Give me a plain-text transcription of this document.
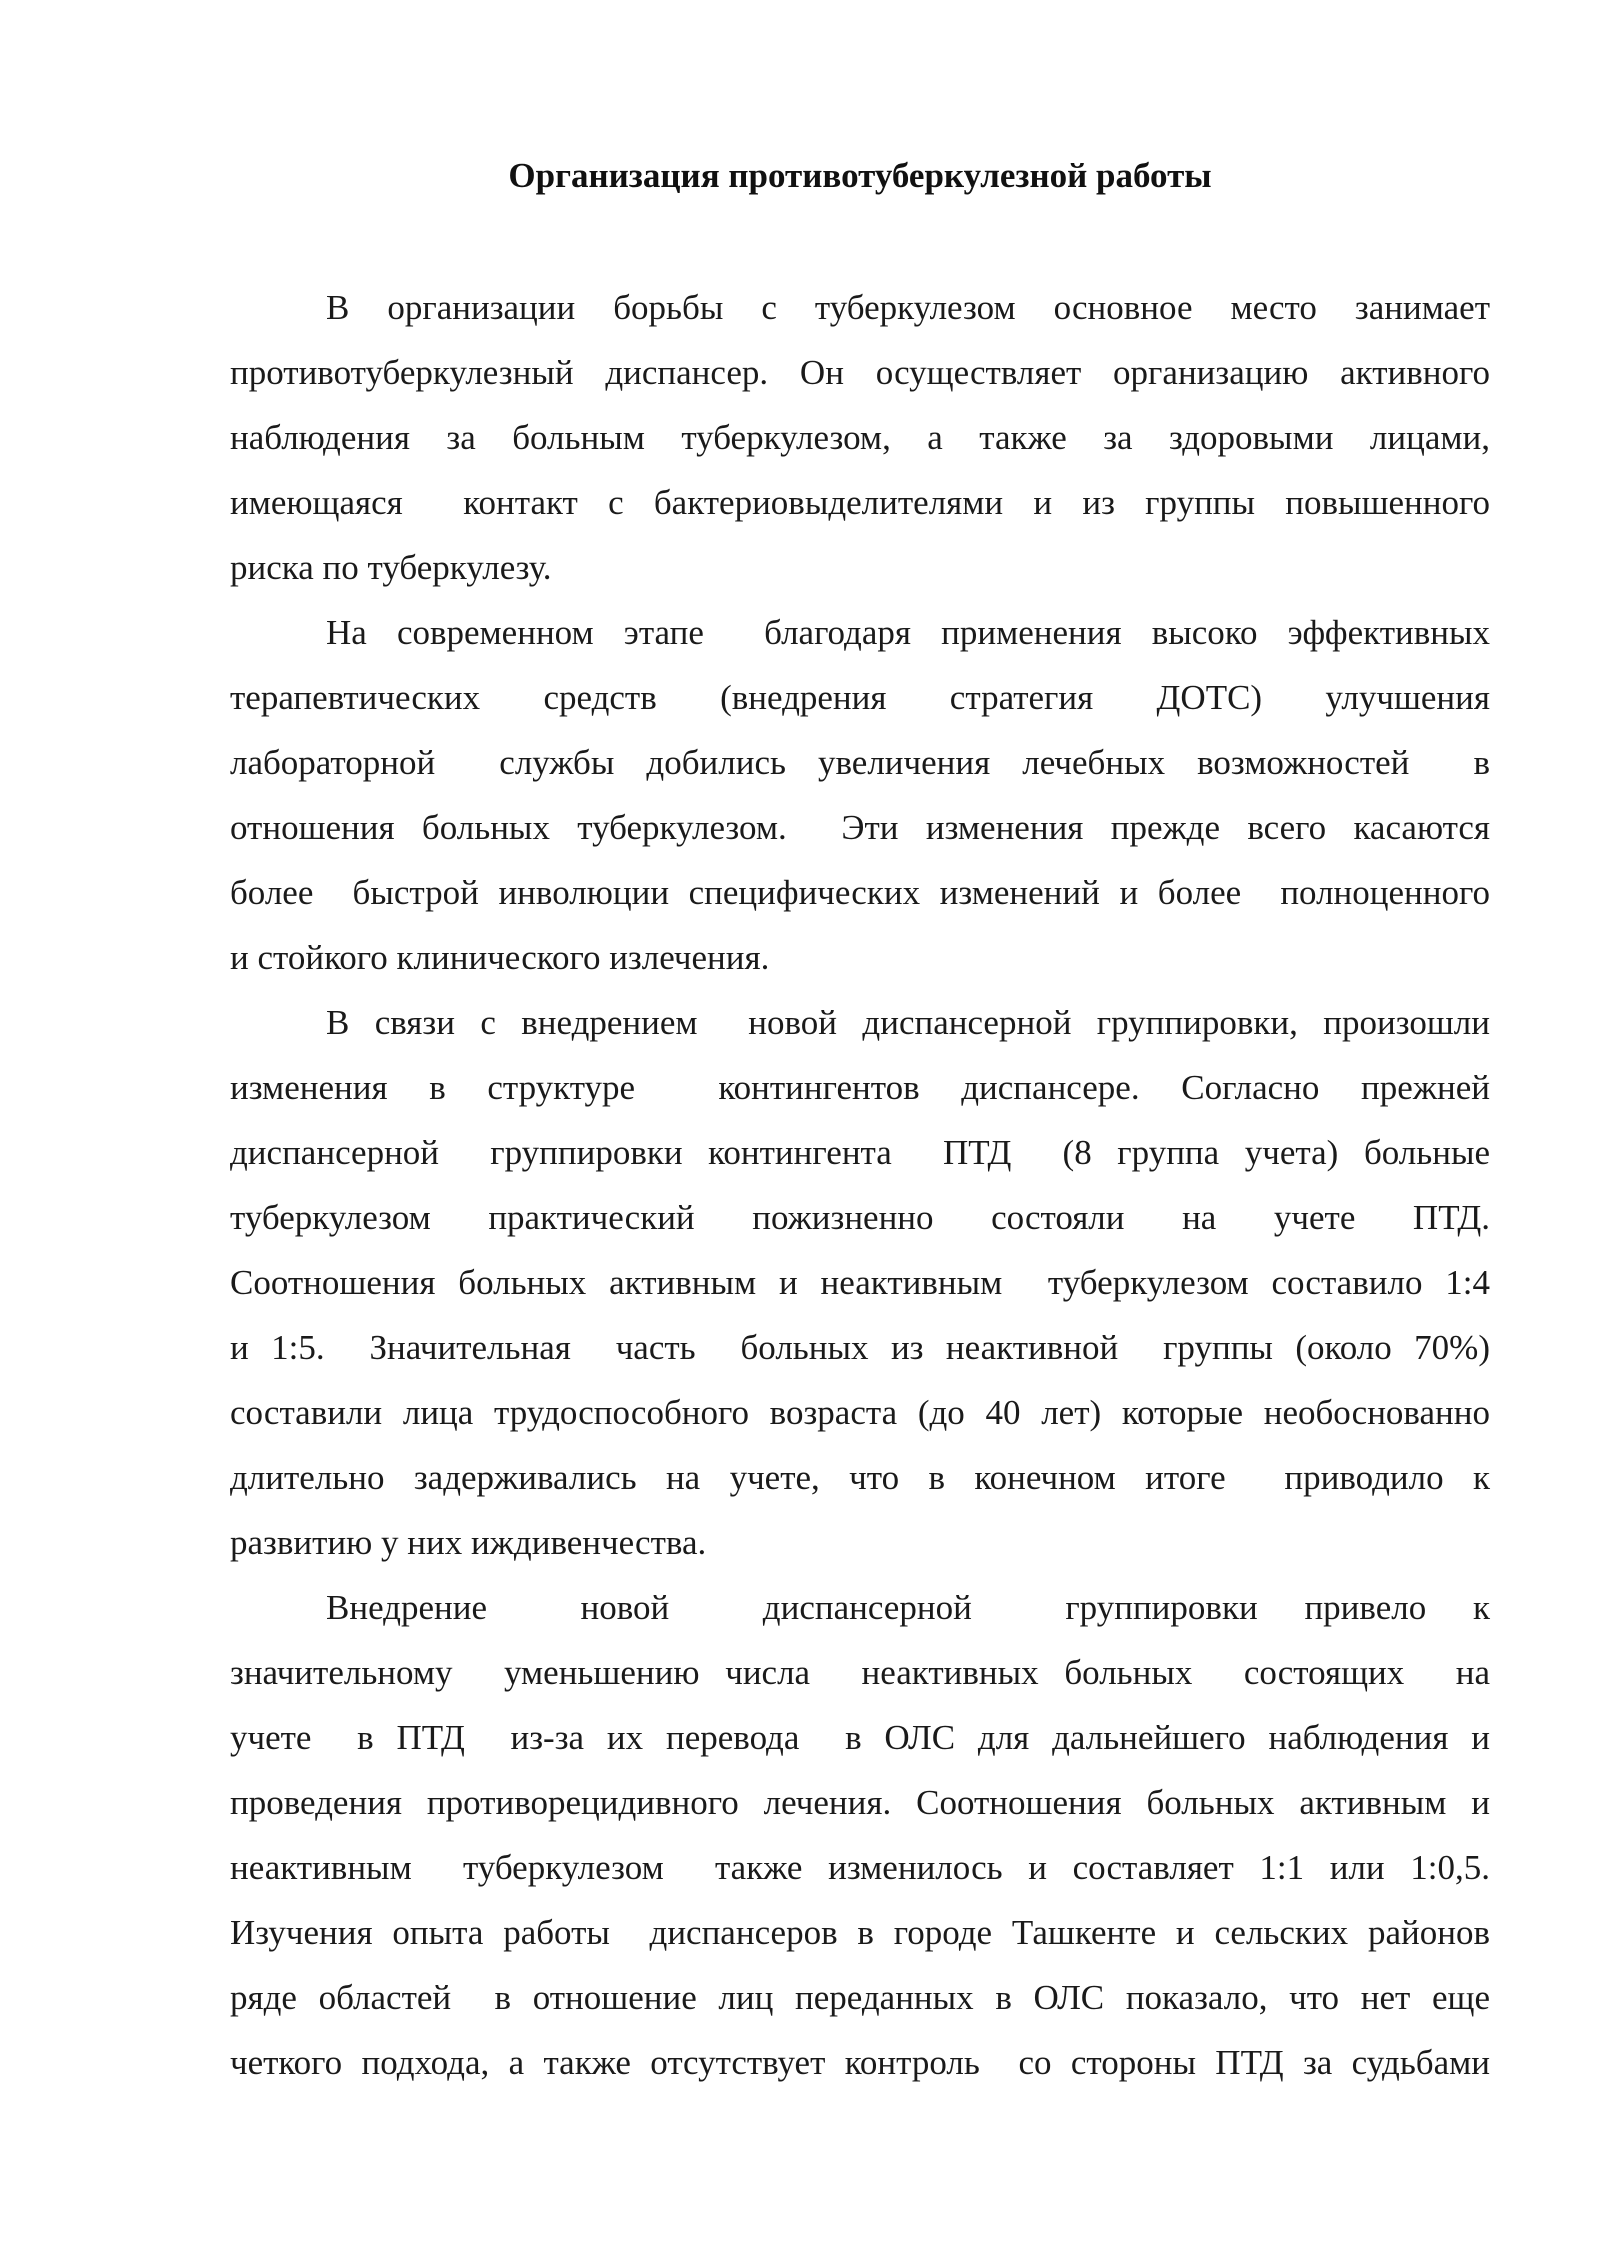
Организация противотуберкулезной работы
В организации борьбы с туберкулезом основное место занимает
противотуберкулезный диспансер. Он осуществляет организацию активного
наблюдения за больным туберкулезом, а также за здоровыми лицами,
имеющаяся  контакт с бактериовыделителями и из группы повышенного
риска по туберкулезу.
На современном этапе  благодаря применения высоко эффективных
терапевтических средств (внедрения стратегия ДОТС) улучшения
лабораторной  службы добились увеличения лечебных возможностей  в
отношения больных туберкулезом.  Эти изменения прежде всего касаются
более  быстрой инволюции специфических изменений и более  полноценного
и стойкого клинического излечения.
В связи с внедрением  новой диспансерной группировки, произошли
изменения в структуре  контингентов диспансере. Согласно прежней
диспансерной  группировки контингента  ПТД  (8 группа учета) больные
туберкулезом практический пожизненно состояли на учете ПТД.
Соотношения больных активным и неактивным  туберкулезом составило 1:4
и 1:5.  Значительная  часть  больных из неактивной  группы (около 70%)
составили лица трудоспособного возраста (до 40 лет) которые необоснованно
длительно задерживались на учете, что в конечном итоге  приводило к
развитию у них иждивенчества.
Внедрение  новой  диспансерной  группировки привело к
значительному  уменьшению числа  неактивных больных  состоящих  на
учете  в ПТД  из-за их перевода  в ОЛС для дальнейшего наблюдения и
проведения противорецидивного лечения. Соотношения больных активным и
неактивным  туберкулезом  также изменилось и составляет 1:1 или 1:0,5.
Изучения опыта работы  диспансеров в городе Ташкенте и сельских районов
ряде областей  в отношение лиц переданных в ОЛС показало, что нет еще
четкого подхода, а также отсутствует контроль  со стороны ПТД за судьбами
